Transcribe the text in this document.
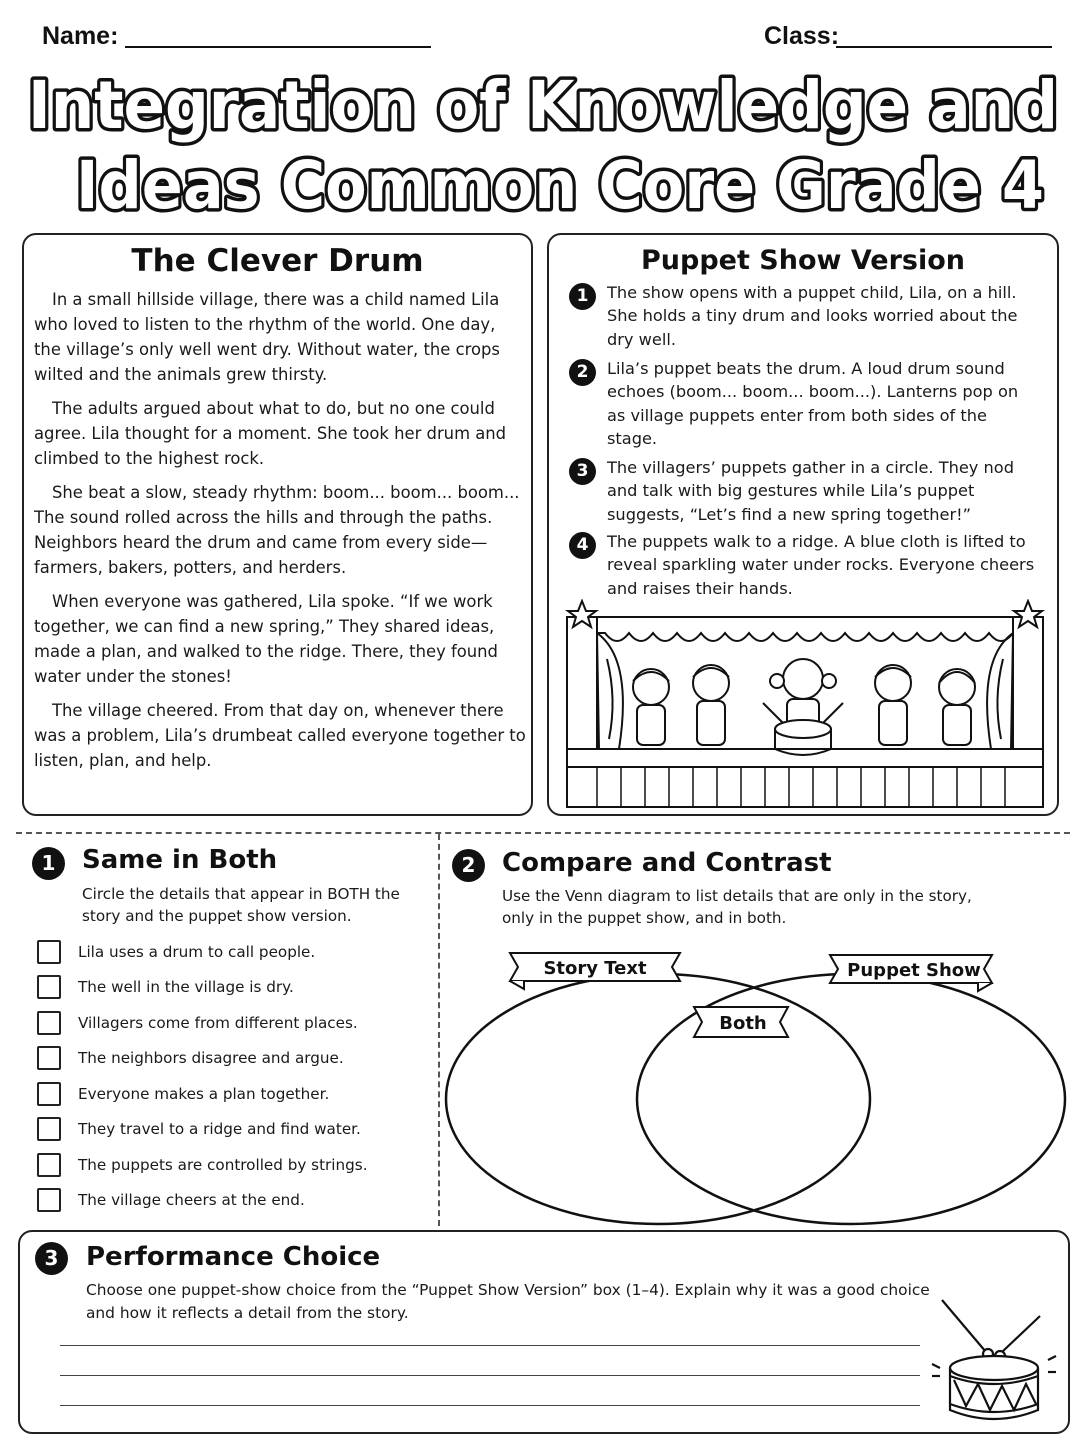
Name:	Class:
Integration of Knowledge and
Ideas Common Core Grade 4
The Clever Drum

In a small hillside village, there was a child named Lila who loved to listen to the rhythm of the world. One day, the village’s only well went dry. Without water, the crops wilted and the animals grew thirsty.

The adults argued about what to do, but no one could agree. Lila thought for a moment. She took her drum and climbed to the highest rock.

She beat a slow, steady rhythm: boom... boom... boom... The sound rolled across the hills and through the paths. Neighbors heard the drum and came from every side—farmers, bakers, potters, and herders.

When everyone was gathered, Lila spoke. “If we work together, we can find a new spring,” They shared ideas, made a plan, and walked to the ridge. There, they found water under the stones!

The village cheered. From that day on, whenever there was a problem, Lila’s drumbeat called everyone together to listen, plan, and help.

Puppet Show Version
1	The show opens with a puppet child, Lila, on a hill. She holds a tiny drum and looks worried about the dry well.
2	Lila’s puppet beats the drum. A loud drum sound echoes (boom... boom... boom...). Lanterns pop on as village puppets enter from both sides of the stage.
3	The villagers’ puppets gather in a circle. They nod and talk with big gestures while Lila’s puppet suggests, “Let’s find a new spring together!”
4	The puppets walk to a ridge. A blue cloth is lifted to reveal sparkling water under rocks. Everyone cheers and raises their hands.
1	Same in Both
Circle the details that appear in BOTH the story and the puppet show version.
Lila uses a drum to call people.
The well in the village is dry.
Villagers come from different places.
The neighbors disagree and argue.
Everyone makes a plan together.
They travel to a ridge and find water.
The puppets are controlled by strings.
The village cheers at the end.
2	Compare and Contrast
Use the Venn diagram to list details that are only in the story, only in the puppet show, and in both.
Story Text	Puppet Show
Both
3	Performance Choice
Choose one puppet-show choice from the “Puppet Show Version” box (1–4). Explain why it was a good choice and how it reflects a detail from the story.
